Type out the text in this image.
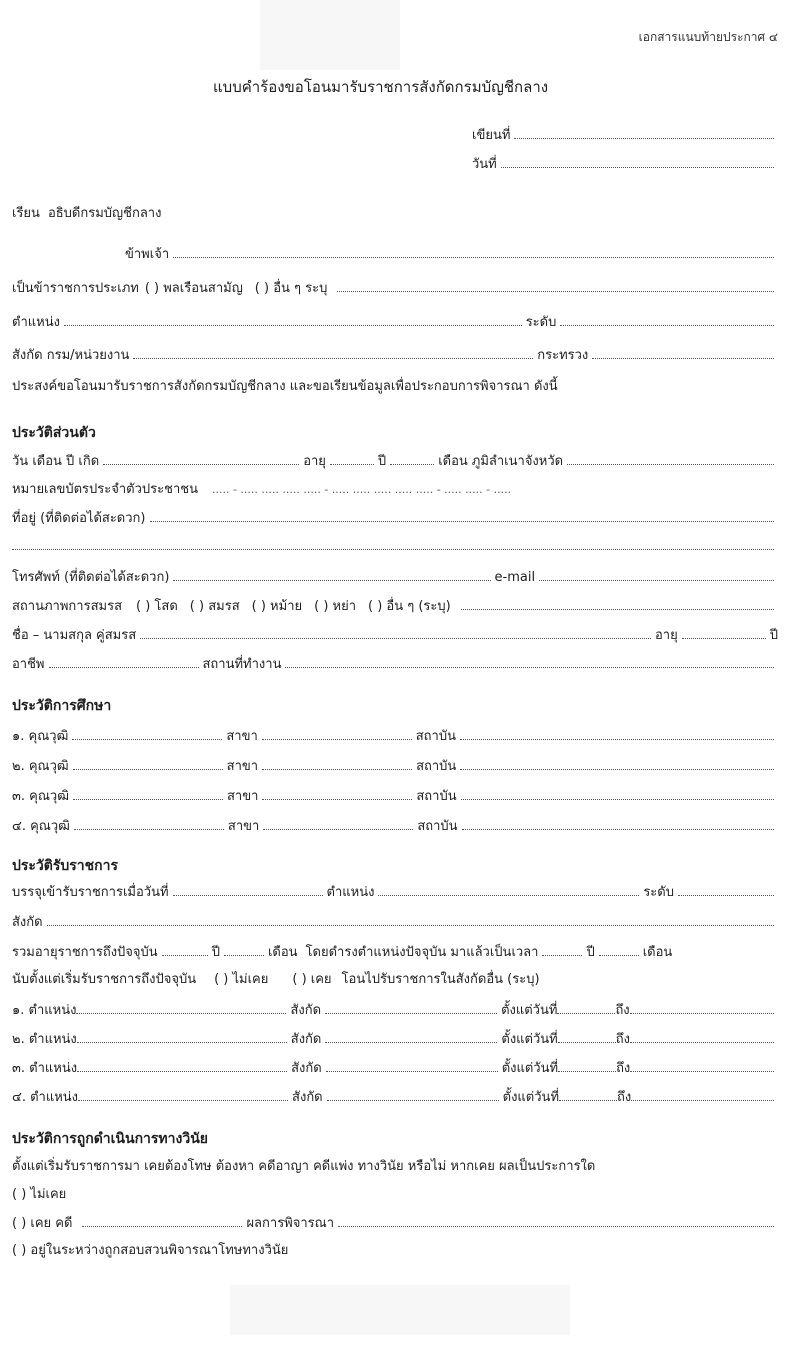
เอกสารแนบท้ายประกาศ ๔
แบบคำร้องขอโอนมารับราชการสังกัดกรมบัญชีกลาง
เขียนที่
วันที่
เรียน อธิบดีกรมบัญชีกลาง
ข้าพเจ้า
เป็นข้าราชการประเภท ( ) พลเรือนสามัญ ( ) อื่น ๆ ระบุ
ตำแหน่ง	ระดับ
สังกัด กรม/หน่วยงาน	กระทรวง
ประสงค์ขอโอนมารับราชการสังกัดกรมบัญชีกลาง และขอเรียนข้อมูลเพื่อประกอบการพิจารณา ดังนี้
ประวัติส่วนตัว
วัน เดือน ปี เกิด	อายุ	ปี	เดือน ภูมิลำเนาจังหวัด
หมายเลขบัตรประจำตัวประชาชน ..... - ..... ..... ..... ..... - ..... ..... ..... ..... ..... - ..... ..... - .....
ที่อยู่ (ที่ติดต่อได้สะดวก)
โทรศัพท์ (ที่ติดต่อได้สะดวก)	e-mail
สถานภาพการสมรส ( ) โสด ( ) สมรส ( ) หม้าย ( ) หย่า ( ) อื่น ๆ (ระบุ)
ชื่อ – นามสกุล คู่สมรส	อายุ	ปี
อาชีพ	สถานที่ทำงาน
ประวัติการศึกษา
๑. คุณวุฒิ	สาขา	สถาบัน
๒. คุณวุฒิ	สาขา	สถาบัน
๓. คุณวุฒิ	สาขา	สถาบัน
๔. คุณวุฒิ	สาขา	สถาบัน
ประวัติรับราชการ
บรรจุเข้ารับราชการเมื่อวันที่	ตำแหน่ง	ระดับ
สังกัด
รวมอายุราชการถึงปัจจุบัน	ปี	เดือน โดยดำรงตำแหน่งปัจจุบัน มาแล้วเป็นเวลา	ปี	เดือน
นับตั้งแต่เริ่มรับราชการถึงปัจจุบัน ( ) ไม่เคย ( ) เคย โอนไปรับราชการในสังกัดอื่น (ระบุ)
๑. ตำแหน่ง	สังกัด	ตั้งแต่วันที่	ถึง
๒. ตำแหน่ง	สังกัด	ตั้งแต่วันที่	ถึง
๓. ตำแหน่ง	สังกัด	ตั้งแต่วันที่	ถึง
๔. ตำแหน่ง	สังกัด	ตั้งแต่วันที่	ถึง
ประวัติการถูกดำเนินการทางวินัย
ตั้งแต่เริ่มรับราชการมา เคยต้องโทษ ต้องหา คดีอาญา คดีแพ่ง ทางวินัย หรือไม่ หากเคย ผลเป็นประการใด
( ) ไม่เคย
( ) เคย คดี	ผลการพิจารณา
( ) อยู่ในระหว่างถูกสอบสวนพิจารณาโทษทางวินัย
